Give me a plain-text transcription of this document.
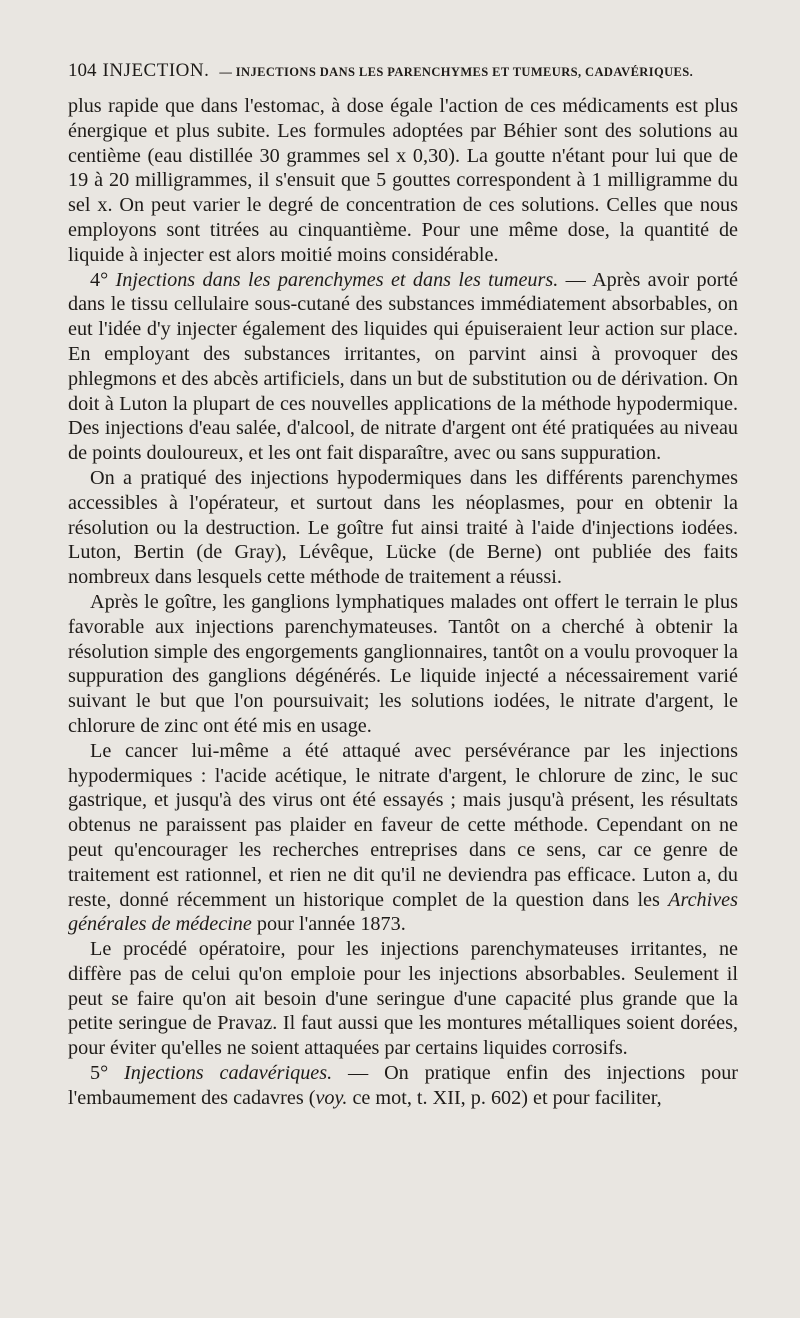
104 INJECTION. — INJECTIONS DANS LES PARENCHYMES ET TUMEURS, CADAVÉRIQUES.

plus rapide que dans l'estomac, à dose égale l'action de ces médicaments est plus énergique et plus subite. Les formules adoptées par Béhier sont des solutions au centième (eau distillée 30 grammes sel x 0,30). La goutte n'étant pour lui que de 19 à 20 milligrammes, il s'ensuit que 5 gouttes correspondent à 1 milligramme du sel x. On peut varier le degré de concentration de ces solutions. Celles que nous employons sont titrées au cinquantième. Pour une même dose, la quantité de liquide à injecter est alors moitié moins considérable.

4° Injections dans les parenchymes et dans les tumeurs. — Après avoir porté dans le tissu cellulaire sous-cutané des substances immédiatement absorbables, on eut l'idée d'y injecter également des liquides qui épuiseraient leur action sur place. En employant des substances irritantes, on parvint ainsi à provoquer des phlegmons et des abcès artificiels, dans un but de substitution ou de dérivation. On doit à Luton la plupart de ces nouvelles applications de la méthode hypodermique. Des injections d'eau salée, d'alcool, de nitrate d'argent ont été pratiquées au niveau de points douloureux, et les ont fait disparaître, avec ou sans suppuration.

On a pratiqué des injections hypodermiques dans les différents parenchymes accessibles à l'opérateur, et surtout dans les néoplasmes, pour en obtenir la résolution ou la destruction. Le goître fut ainsi traité à l'aide d'injections iodées. Luton, Bertin (de Gray), Lévêque, Lücke (de Berne) ont publiée des faits nombreux dans lesquels cette méthode de traitement a réussi.

Après le goître, les ganglions lymphatiques malades ont offert le terrain le plus favorable aux injections parenchymateuses. Tantôt on a cherché à obtenir la résolution simple des engorgements ganglionnaires, tantôt on a voulu provoquer la suppuration des ganglions dégénérés. Le liquide injecté a nécessairement varié suivant le but que l'on poursuivait; les solutions iodées, le nitrate d'argent, le chlorure de zinc ont été mis en usage.

Le cancer lui-même a été attaqué avec persévérance par les injections hypodermiques : l'acide acétique, le nitrate d'argent, le chlorure de zinc, le suc gastrique, et jusqu'à des virus ont été essayés ; mais jusqu'à présent, les résultats obtenus ne paraissent pas plaider en faveur de cette méthode. Cependant on ne peut qu'encourager les recherches entreprises dans ce sens, car ce genre de traitement est rationnel, et rien ne dit qu'il ne deviendra pas efficace. Luton a, du reste, donné récemment un historique complet de la question dans les Archives générales de médecine pour l'année 1873.

Le procédé opératoire, pour les injections parenchymateuses irritantes, ne diffère pas de celui qu'on emploie pour les injections absorbables. Seulement il peut se faire qu'on ait besoin d'une seringue d'une capacité plus grande que la petite seringue de Pravaz. Il faut aussi que les montures métalliques soient dorées, pour éviter qu'elles ne soient attaquées par certains liquides corrosifs.

5° Injections cadavériques. — On pratique enfin des injections pour l'embaumement des cadavres (voy. ce mot, t. XII, p. 602) et pour faciliter,
